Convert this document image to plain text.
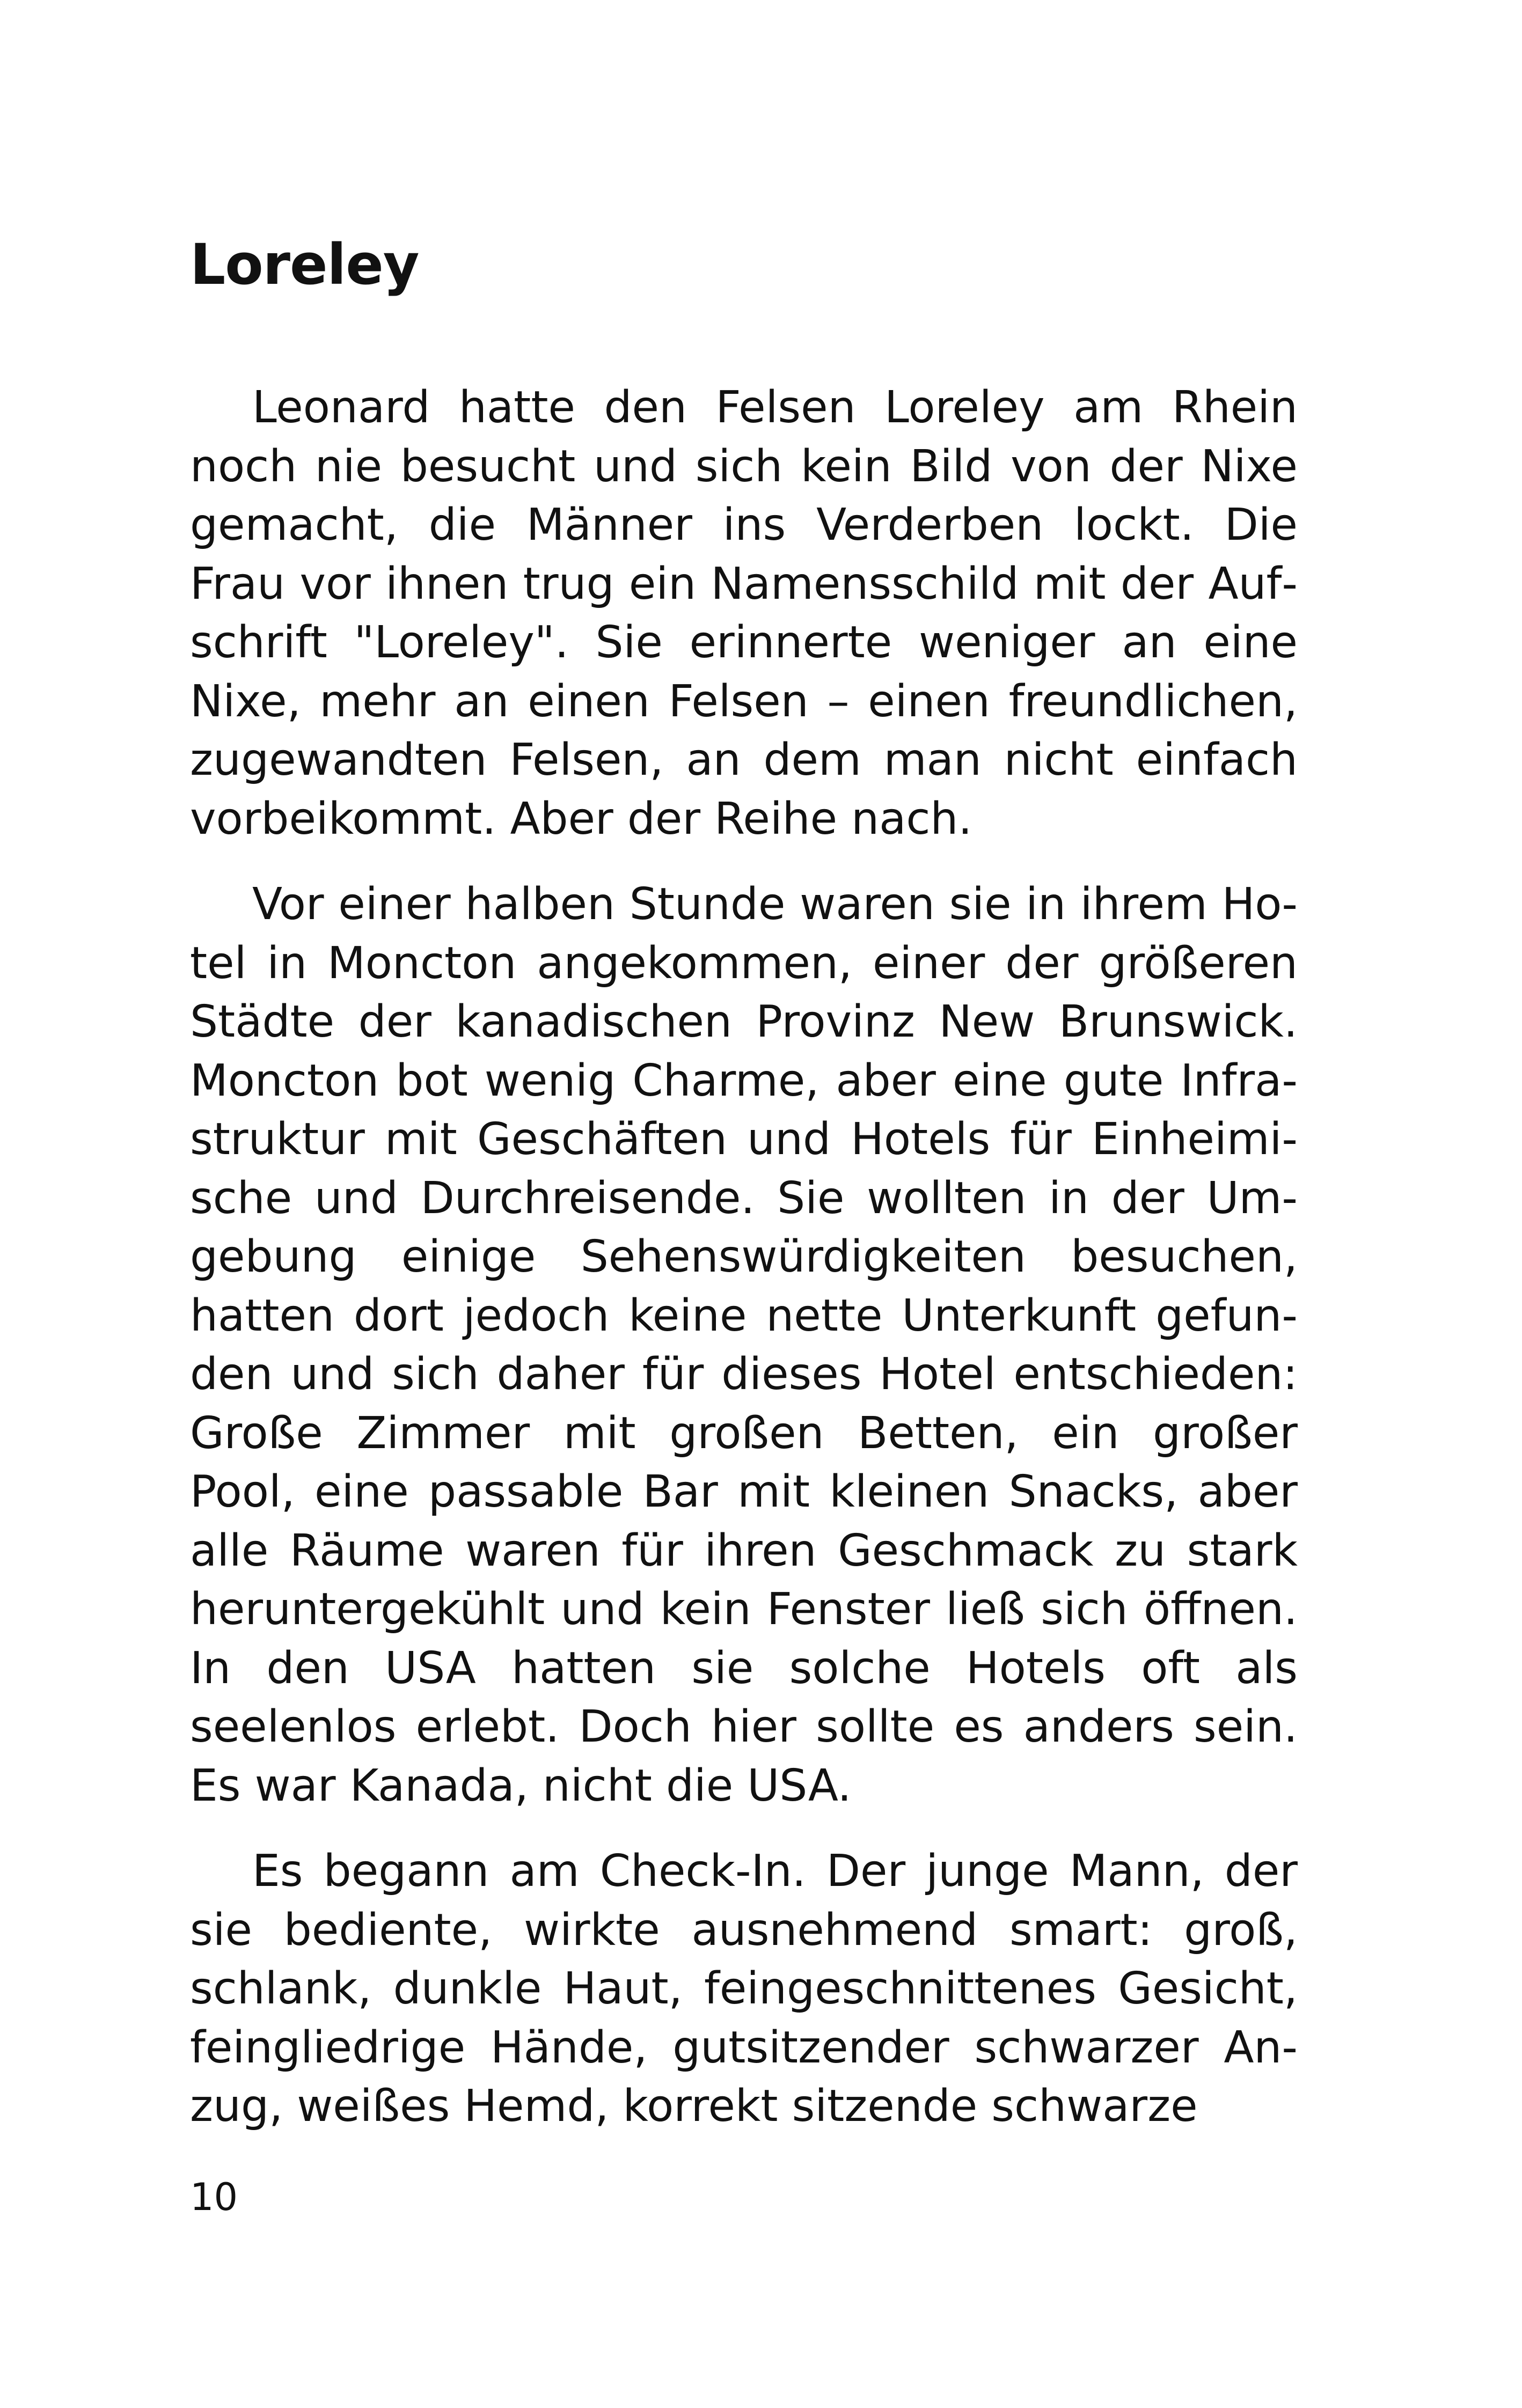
Loreley

Leonard hatte den Felsen Loreley am Rhein noch nie besucht und sich kein Bild von der Nixe gemacht, die Männer ins Verderben lockt. Die Frau vor ihnen trug ein Namensschild mit der Aufschrift "Loreley". Sie erinnerte weniger an eine Nixe, mehr an einen Felsen – einen freundlichen, zugewandten Felsen, an dem man nicht einfach vorbeikommt. Aber der Reihe nach.

Vor einer halben Stunde waren sie in ihrem Hotel in Moncton angekommen, einer der größeren Städte der kanadischen Provinz New Brunswick. Moncton bot wenig Charme, aber eine gute Infrastruktur mit Geschäften und Hotels für Einheimische und Durchreisende. Sie wollten in der Umgebung einige Sehenswürdigkeiten besuchen, hatten dort jedoch keine nette Unterkunft gefunden und sich daher für dieses Hotel entschieden: Große Zimmer mit großen Betten, ein großer Pool, eine passable Bar mit kleinen Snacks, aber alle Räume waren für ihren Geschmack zu stark heruntergekühlt und kein Fenster ließ sich öffnen. In den USA hatten sie solche Hotels oft als seelenlos erlebt. Doch hier sollte es anders sein. Es war Kanada, nicht die USA.

Es begann am Check-In. Der junge Mann, der sie bediente, wirkte ausnehmend smart: groß, schlank, dunkle Haut, feingeschnittenes Gesicht, feingliedrige Hände, gutsitzender schwarzer Anzug, weißes Hemd, korrekt sitzende schwarze

10
